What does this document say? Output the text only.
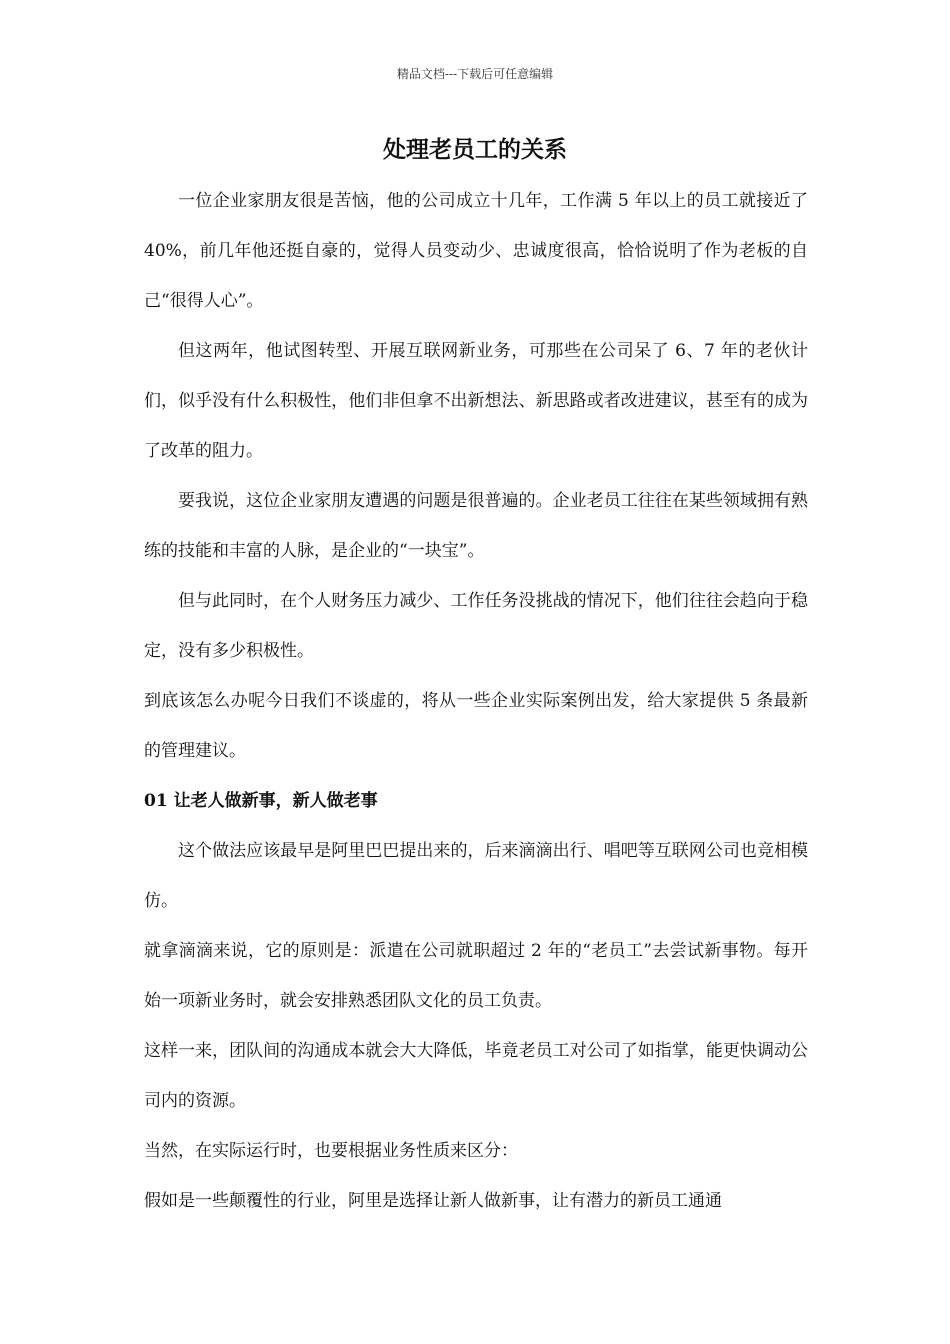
精品文档---下载后可任意编辑
处理老员工的关系

一位企业家朋友很是苦恼，他的公司成立十几年，工作满 5 年以上的员工就接近了 40%，前几年他还挺自豪的，觉得人员变动少、忠诚度很高，恰恰说明了作为老板的自己“很得人心”。

但这两年，他试图转型、开展互联网新业务，可那些在公司呆了 6、7 年的老伙计们，似乎没有什么积极性，他们非但拿不出新想法、新思路或者改进建议，甚至有的成为了改革的阻力。

要我说，这位企业家朋友遭遇的问题是很普遍的。企业老员工往往在某些领域拥有熟练的技能和丰富的人脉，是企业的“一块宝”。

但与此同时，在个人财务压力减少、工作任务没挑战的情况下，他们往往会趋向于稳定，没有多少积极性。

到底该怎么办呢今日我们不谈虚的，将从一些企业实际案例出发，给大家提供 5 条最新的管理建议。

01 让老人做新事，新人做老事

这个做法应该最早是阿里巴巴提出来的，后来滴滴出行、唱吧等互联网公司也竞相模仿。

就拿滴滴来说，它的原则是：派遣在公司就职超过 2 年的“老员工”去尝试新事物。每开始一项新业务时，就会安排熟悉团队文化的员工负责。

这样一来，团队间的沟通成本就会大大降低，毕竟老员工对公司了如指掌，能更快调动公司内的资源。

当然，在实际运行时，也要根据业务性质来区分：

假如是一些颠覆性的行业，阿里是选择让新人做新事，让有潜力的新员工通通
